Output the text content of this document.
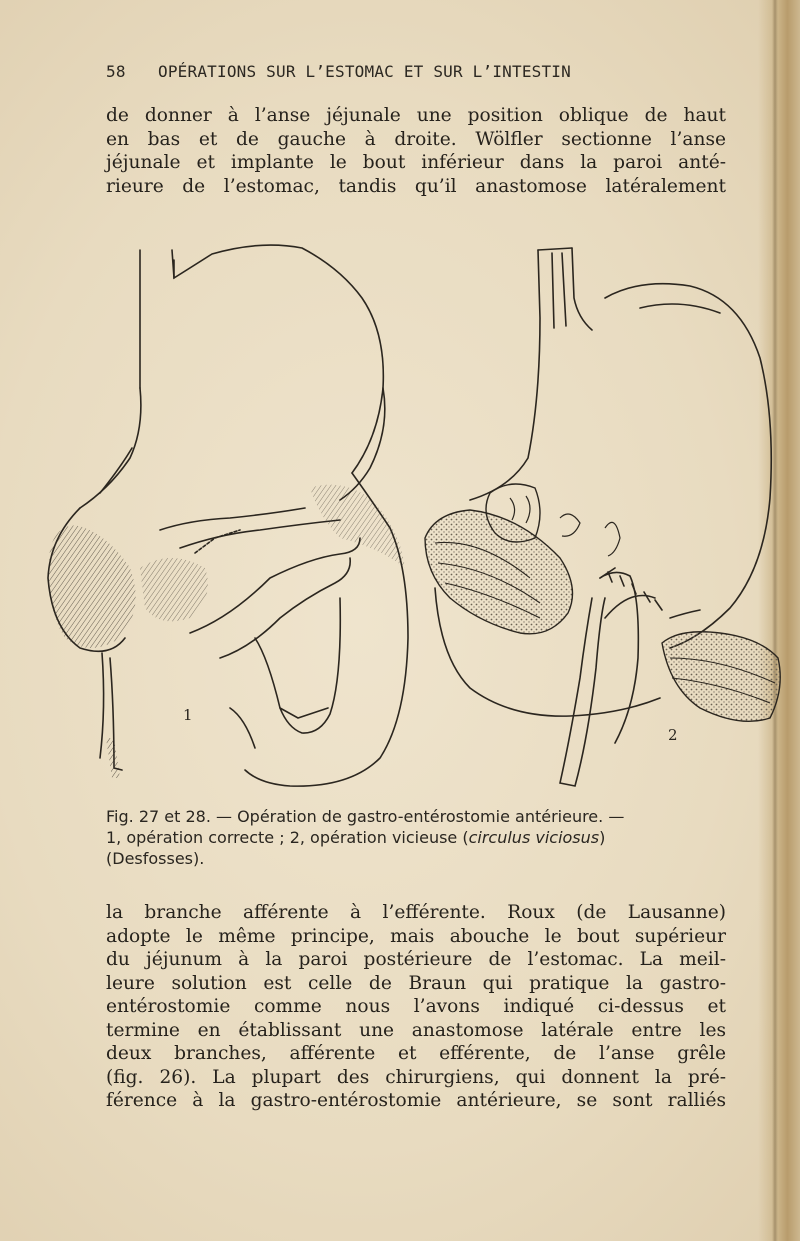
58 OPÉRATIONS SUR L’ESTOMAC ET SUR L’INTESTIN
de donner à l’anse jéjunale une position oblique de haut
en bas et de gauche à droite. Wölfler sectionne l’anse
jéjunale et implante le bout inférieur dans la paroi anté-
rieure de l’estomac, tandis qu’il anastomose latéralement
1
2
Fig. 27 et 28. — Opération de gastro-entérostomie antérieure. —
1, opération correcte ; 2, opération vicieuse (circulus viciosus)
(Desfosses).
la branche afférente à l’efférente. Roux (de Lausanne)
adopte le même principe, mais abouche le bout supérieur
du jéjunum à la paroi postérieure de l’estomac. La meil-
leure solution est celle de Braun qui pratique la gastro-
entérostomie comme nous l’avons indiqué ci-dessus et
termine en établissant une anastomose latérale entre les
deux branches, afférente et efférente, de l’anse grêle
(fig. 26). La plupart des chirurgiens, qui donnent la pré-
férence à la gastro-entérostomie antérieure, se sont ralliés
